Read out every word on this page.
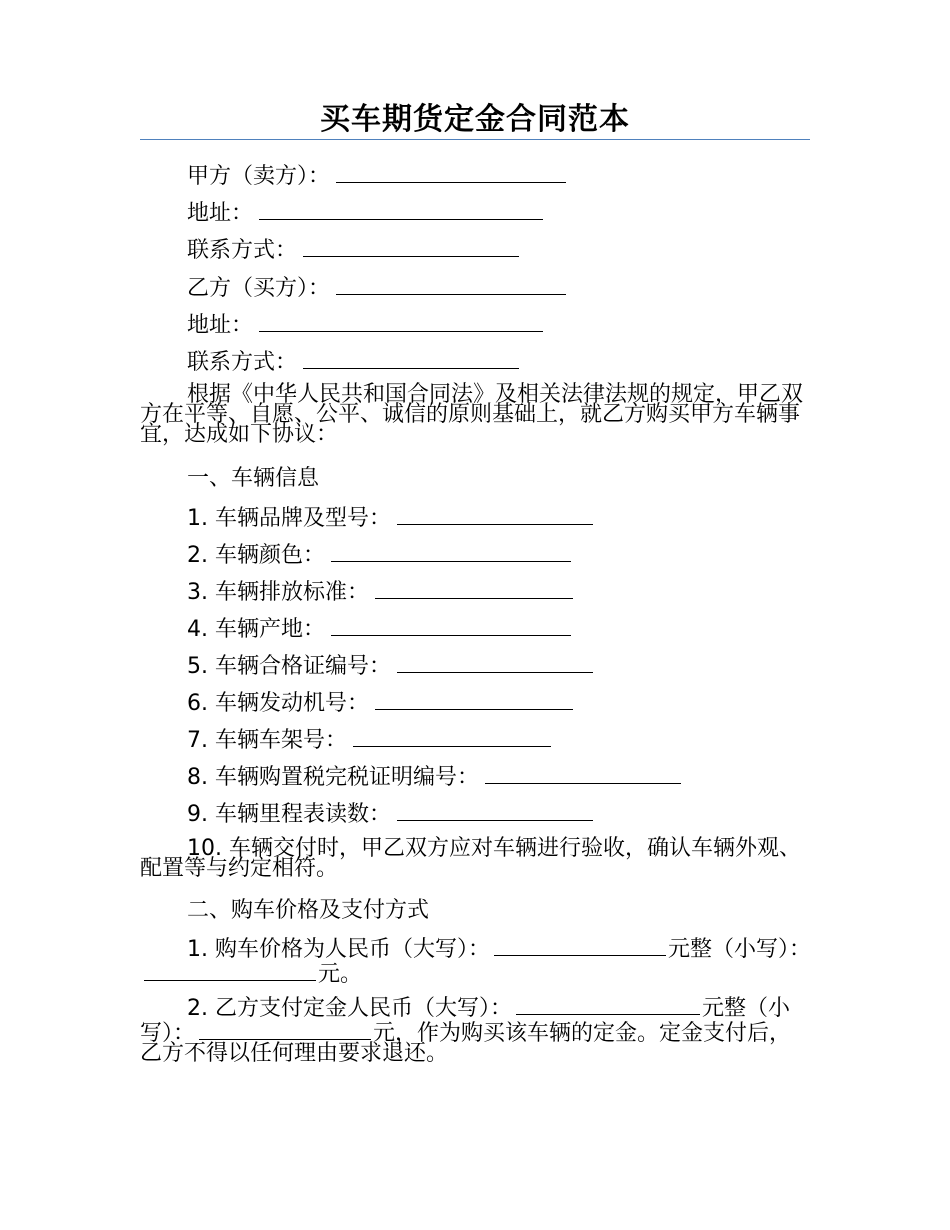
买车期货定金合同范本
甲方（卖方）：
地址：
联系方式：
乙方（买方）：
地址：
联系方式：
根据《中华人民共和国合同法》及相关法律法规的规定，甲乙双方在平等、自愿、公平、诚信的原则基础上，就乙方购买甲方车辆事宜，达成如下协议：
一、车辆信息
1. 车辆品牌及型号：
2. 车辆颜色：
3. 车辆排放标准：
4. 车辆产地：
5. 车辆合格证编号：
6. 车辆发动机号：
7. 车辆车架号：
8. 车辆购置税完税证明编号：
9. 车辆里程表读数：
10. 车辆交付时，甲乙双方应对车辆进行验收，确认车辆外观、配置等与约定相符。
二、购车价格及支付方式
1. 购车价格为人民币（大写）：	元整（小写）：元。
2. 乙方支付定金人民币（大写）：	元整（小写）：	元，作为购买该车辆的定金。定金支付后，乙方不得以任何理由要求退还。
